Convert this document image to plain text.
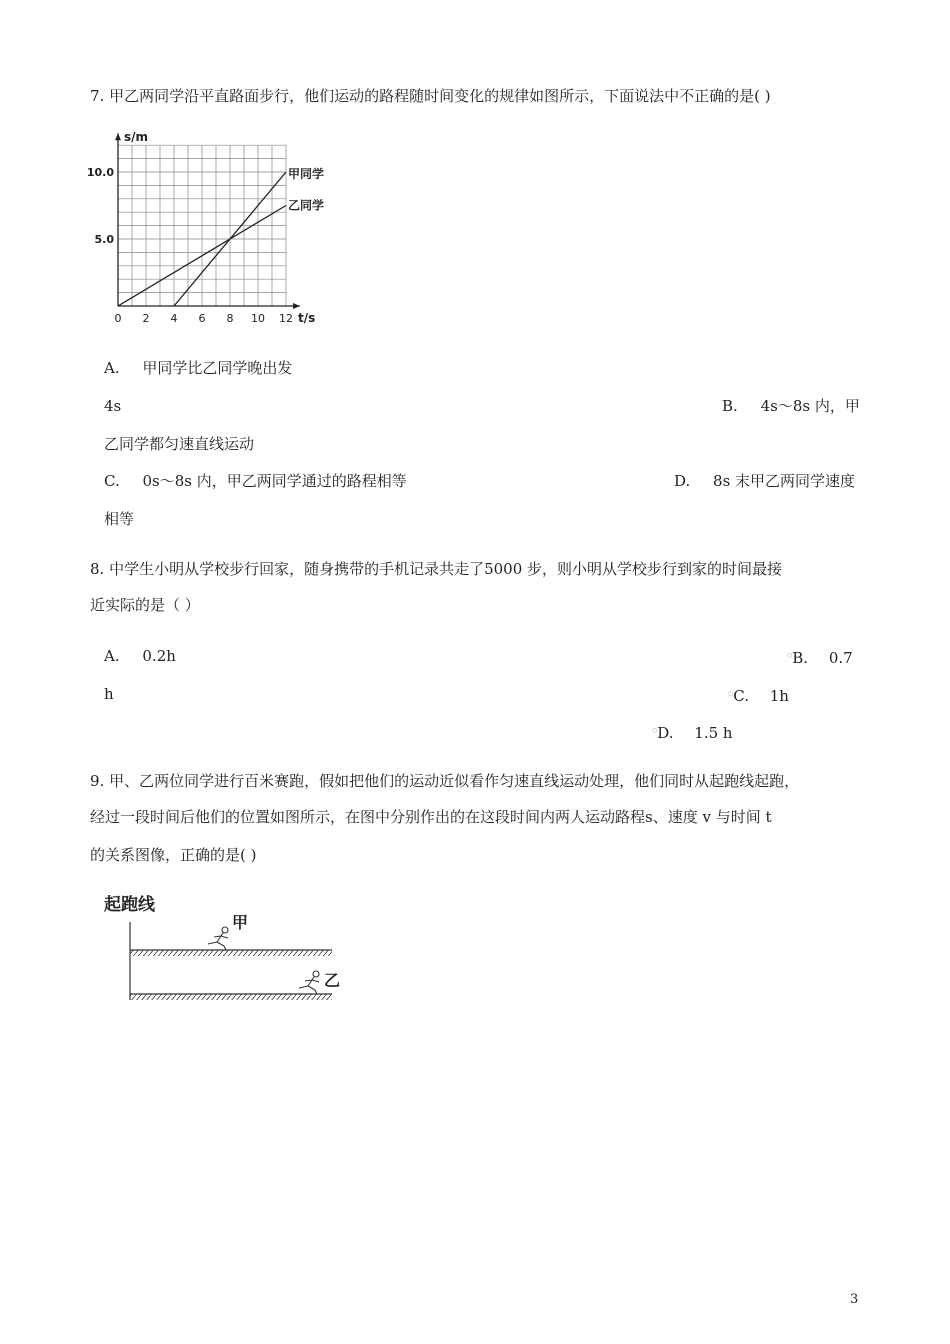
7. 甲乙两同学沿平直路面步行，他们运动的路程随时间变化的规律如图所示，下面说法中不正确的是( )
0 2 4 6 8 10 12
5.0
10.0
s/m
t/s
甲同学
乙同学
A. 甲同学比乙同学晚出发
4s	B. 4s～8s 内，甲
乙同学都匀速直线运动
C. 0s～8s 内，甲乙两同学通过的路程相等	D. 8s 末甲乙两同学速度
相等
8. 中学生小明从学校步行回家，随身携带的手机记录共走了5000 步，则小明从学校步行到家的时间最接
近实际的是（ ）
A. 0.2h	○B. 0.7
h	○C. 1h
○D. 1.5 h
9. 甲、乙两位同学进行百米赛跑，假如把他们的运动近似看作匀速直线运动处理，他们同时从起跑线起跑，
经过一段时间后他们的位置如图所示，在图中分别作出的在这段时间内两人运动路程s、速度 v 与时间 t
的关系图像，正确的是( )
起跑线
甲
乙
3
